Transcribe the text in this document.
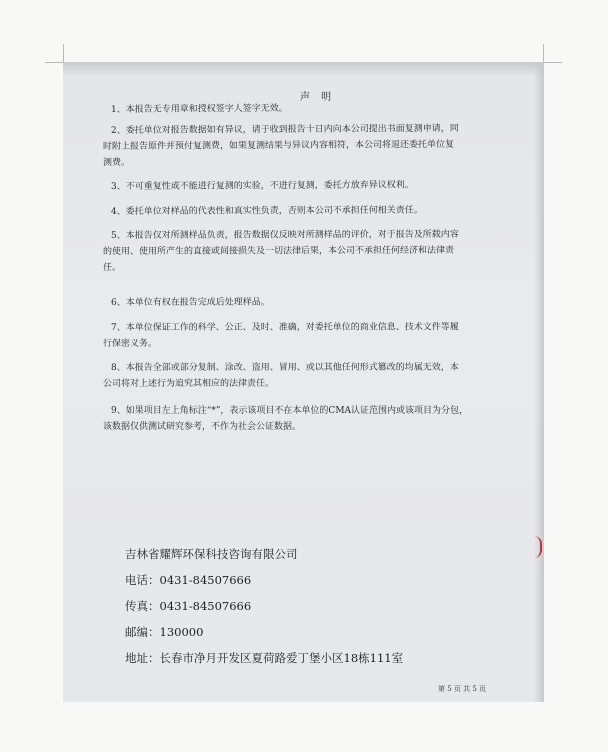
声 明
1、本报告无专用章和授权签字人签字无效。
2、委托单位对报告数据如有异议，请于收到报告十日内向本公司提出书面复测申请，同
时附上报告原件并预付复测费，如果复测结果与异议内容相符，本公司将退还委托单位复
测费。
3、不可重复性或不能进行复测的实验，不进行复测，委托方放弃异议权利。
4、委托单位对样品的代表性和真实性负责，否则本公司不承担任何相关责任。
5、本报告仅对所测样品负责，报告数据仅反映对所测样品的评价，对于报告及所载内容
的使用、使用所产生的直接或间接损失及一切法律后果，本公司不承担任何经济和法律责
任。
6、本单位有权在报告完成后处理样品。
7、本单位保证工作的科学、公正、及时、准确，对委托单位的商业信息、技术文件等履
行保密义务。
8、本报告全部或部分复制、涂改、盗用、冒用、或以其他任何形式篡改的均属无效，本
公司将对上述行为追究其相应的法律责任。
9、如果项目左上角标注“*”，表示该项目不在本单位的CMA认证范围内或该项目为分包，
该数据仅供测试研究参考，不作为社会公证数据。
吉林省耀辉环保科技咨询有限公司
电话：0431-84507666
传真：0431-84507666
邮编：130000
地址：长春市净月开发区夏荷路爱丁堡小区18栋111室
第 5 页 共 5 页
